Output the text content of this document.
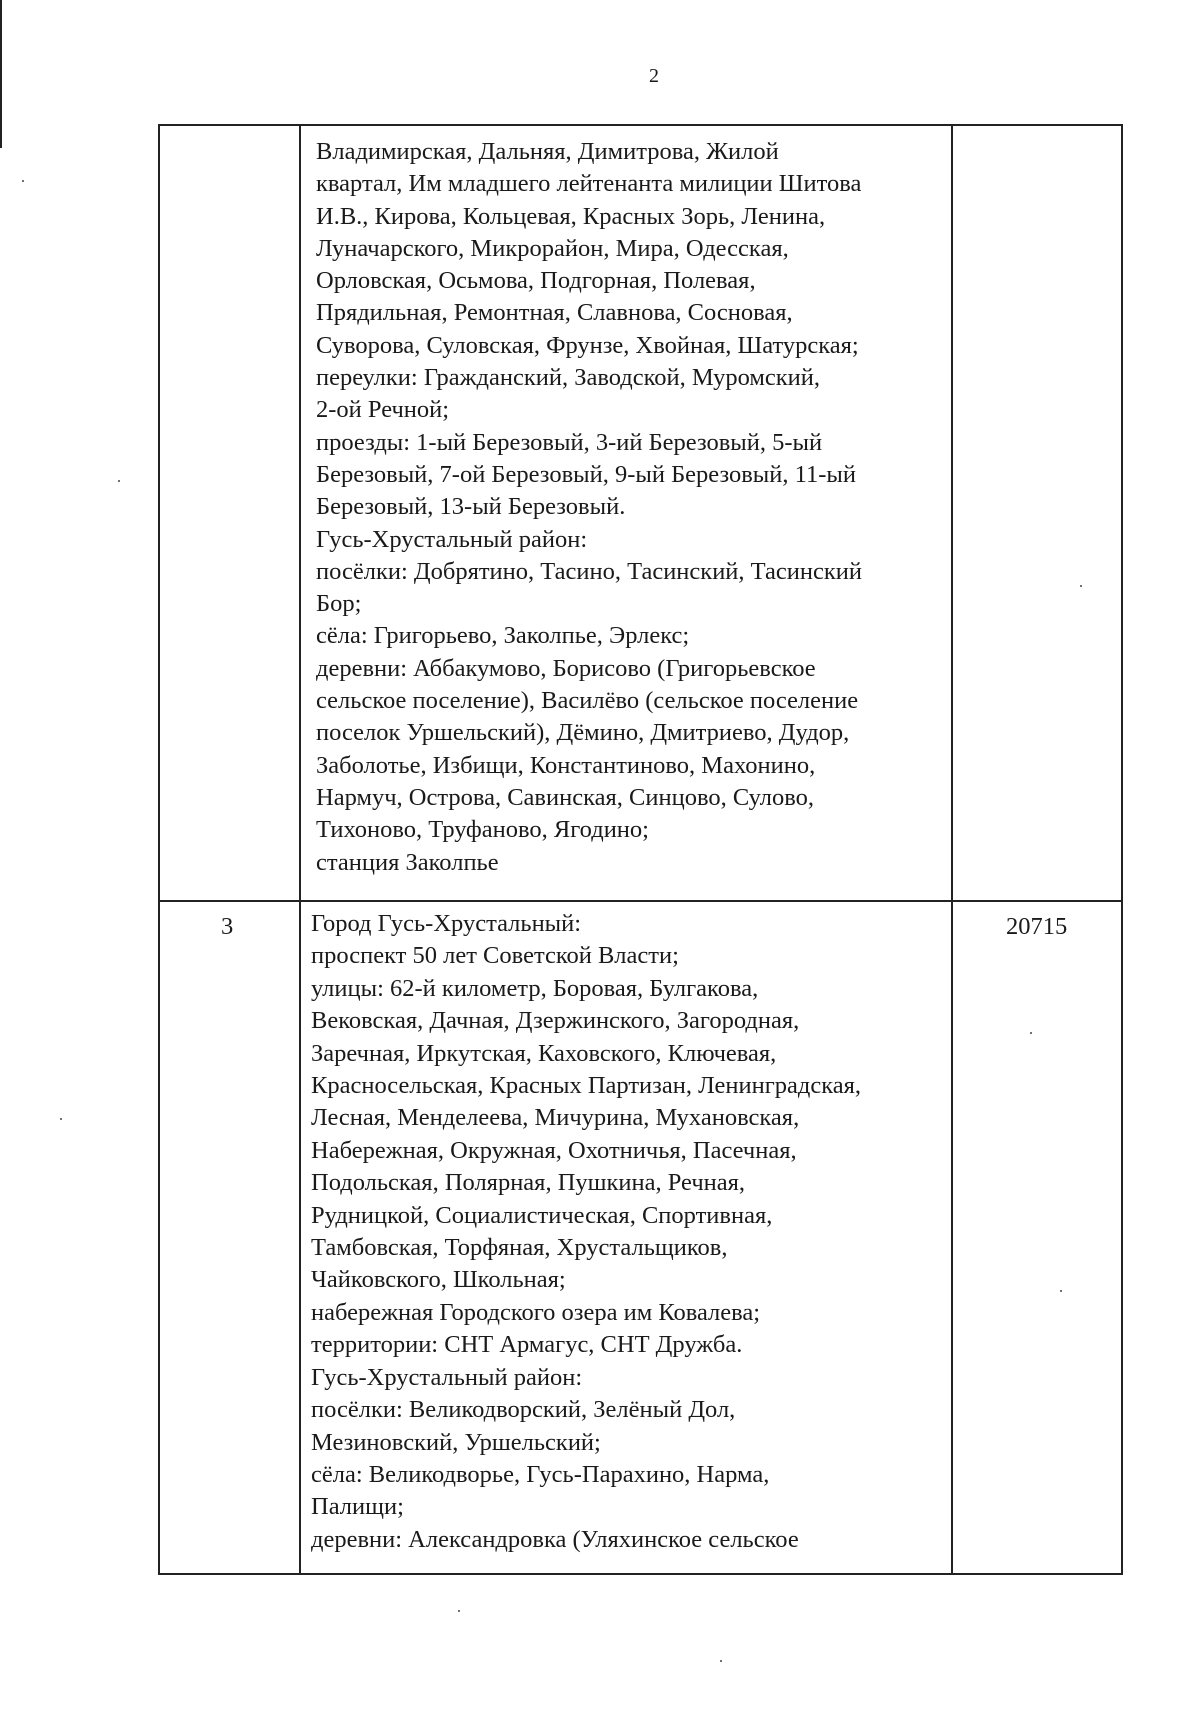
2
Владимирская, Дальняя, Димитрова, Жилой
квартал, Им младшего лейтенанта милиции Шитова
И.В., Кирова, Кольцевая, Красных Зорь, Ленина,
Луначарского, Микрорайон, Мира, Одесская,
Орловская, Осьмова, Подгорная, Полевая,
Прядильная, Ремонтная, Славнова, Сосновая,
Суворова, Суловская, Фрунзе, Хвойная, Шатурская;
переулки: Гражданский, Заводской, Муромский,
2-ой Речной;
проезды: 1-ый Березовый, 3-ий Березовый, 5-ый
Березовый, 7-ой Березовый, 9-ый Березовый, 11-ый
Березовый, 13-ый Березовый.
Гусь-Хрустальный район:
посёлки: Добрятино, Тасино, Тасинский, Тасинский
Бор;
сёла: Григорьево, Заколпье, Эрлекс;
деревни: Аббакумово, Борисово (Григорьевское
сельское поселение), Василёво (сельское поселение
поселок Уршельский), Дёмино, Дмитриево, Дудор,
Заболотье, Избищи, Константиново, Махонино,
Нармуч, Острова, Савинская, Синцово, Сулово,
Тихоново, Труфаново, Ягодино;
станция Заколпье
3	Город Гусь-Хрустальный:
проспект 50 лет Советской Власти;
улицы: 62-й километр, Боровая, Булгакова,
Вековская, Дачная, Дзержинского, Загородная,
Заречная, Иркутская, Каховского, Ключевая,
Красносельская, Красных Партизан, Ленинградская,
Лесная, Менделеева, Мичурина, Мухановская,
Набережная, Окружная, Охотничья, Пасечная,
Подольская, Полярная, Пушкина, Речная,
Рудницкой, Социалистическая, Спортивная,
Тамбовская, Торфяная, Хрустальщиков,
Чайковского, Школьная;
набережная Городского озера им Ковалева;
территории: СНТ Армагус, СНТ Дружба.
Гусь-Хрустальный район:
посёлки: Великодворский, Зелёный Дол,
Мезиновский, Уршельский;
сёла: Великодворье, Гусь-Парахино, Нарма,
Палищи;
деревни: Александровка (Уляхинское сельское
20715
